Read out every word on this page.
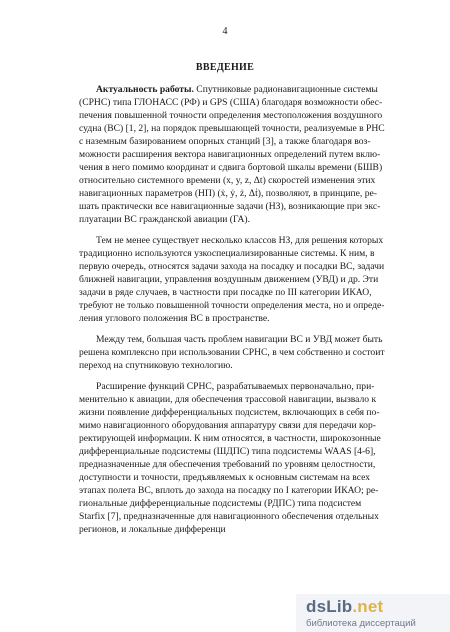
4
ВВЕДЕНИЕ
Актуальность работы. Спутниковые радионавигационные системы
(СРНС) типа ГЛОНАСС (РФ) и GPS (США) благодаря возможности обес-
печения повышенной точности определения местоположения воздушного
судна (ВС) [1, 2], на порядок превышающей точности, реализуемые в РНС
с наземным базированием опорных станций [3], а также благодаря воз-
можности расширения вектора навигационных определений путем вклю-
чения в него помимо координат и сдвига бортовой шкалы времени (БШВ)
относительно системного времени (x, y, z, Δt) скоростей изменения этих
навигационных параметров (НП) (ẋ, ẏ, ż, Δṫ), позволяют, в принципе, ре-
шать практически все навигационные задачи (НЗ), возникающие при экс-
плуатации ВС гражданской авиации (ГА).
Тем не менее существует несколько классов НЗ, для решения которых
традиционно используются узкоспециализированные системы. К ним, в
первую очередь, относятся задачи захода на посадку и посадки ВС, задачи
ближней навигации, управления воздушным движением (УВД) и др. Эти
задачи в ряде случаев, в частности при посадке по III категории ИКАО,
требуют не только повышенной точности определения места, но и опреде-
ления углового положения ВС в пространстве.
Между тем, большая часть проблем навигации ВС и УВД может быть
решена комплексно при использовании СРНС, в чем собственно и состоит
переход на спутниковую технологию.
Расширение функций СРНС, разрабатываемых первоначально, при-
менительно к авиации, для обеспечения трассовой навигации, вызвало к
жизни появление дифференциальных подсистем, включающих в себя по-
мимо навигационного оборудования аппаратуру связи для передачи кор-
ректирующей информации. К ним относятся, в частности, широкозонные
дифференциальные подсистемы (ШДПС) типа подсистемы WAAS [4-6],
предназначенные для обеспечения требований по уровням целостности,
доступности и точности, предъявляемых к основным системам на всех
этапах полета ВС, вплоть до захода на посадку по I категории ИКАО; ре-
гиональные дифференциальные подсистемы (РДПС) типа подсистем
Starfix [7], предназначенные для навигационного обеспечения отдельных
регионов, и локальные дифференци
dsLib.net
библиотека диссертаций
